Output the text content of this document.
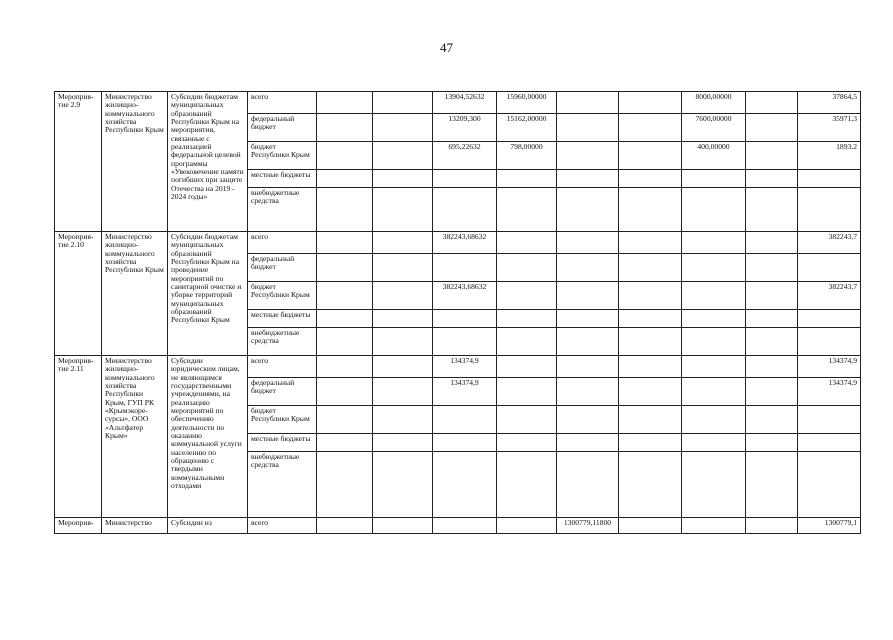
47
Мероприя-
тие 2.9	Министерство жилищно-коммунального хозяйства Республики Крым	Субсидии бюджетам муниципальных образований Республики Крым на мероприятия, связанные с реализацией федеральной целевой программы «Увековечение памяти погибших при защите Отечества на 2019 - 2024 годы»	всего			13904,52632	15960,00000			8000,00000		37864,5
			федеральный бюджет			13209,300	15162,00000			7600,00000		35971,3
			бюджет Республики Крым			695,22632	798,00000			400,00000		1893,2
			местные бюджеты									
			внебюджетные средства									
Мероприя-
тие 2.10	Министерство жилищно-коммунального хозяйства Республики Крым	Субсидии бюджетам муниципальных образований Республики Крым на проведение мероприятий по санитарной очистке и уборке территорий муниципальных образований Республики Крым	всего			382243,68632						382243,7
			федеральный бюджет									
			бюджет Республики Крым			382243,68632						382243,7
			местные бюджеты									
			внебюджетные средства									
Мероприя-
тие 2.11	Министерство жилищно-коммунального хозяйства Республики Крым, ГУП РК «Крымэкоре-сурсы», ООО «Альтфатер Крым»	Субсидии юридическим лицам, не являющимся государственными учреждениями, на реализацию мероприятий по обеспечению деятельности по оказанию коммунальной услуги населению по обращению с твердыми коммунальными отходами	всего			134374,9						134374,9
			федеральный бюджет			134374,9						134374,9
			бюджет Республики Крым									
			местные бюджеты									
			внебюджетные средства									
Мероприя-	Министерство	Субсидии из	всего					1300779,11800				1300779,1
